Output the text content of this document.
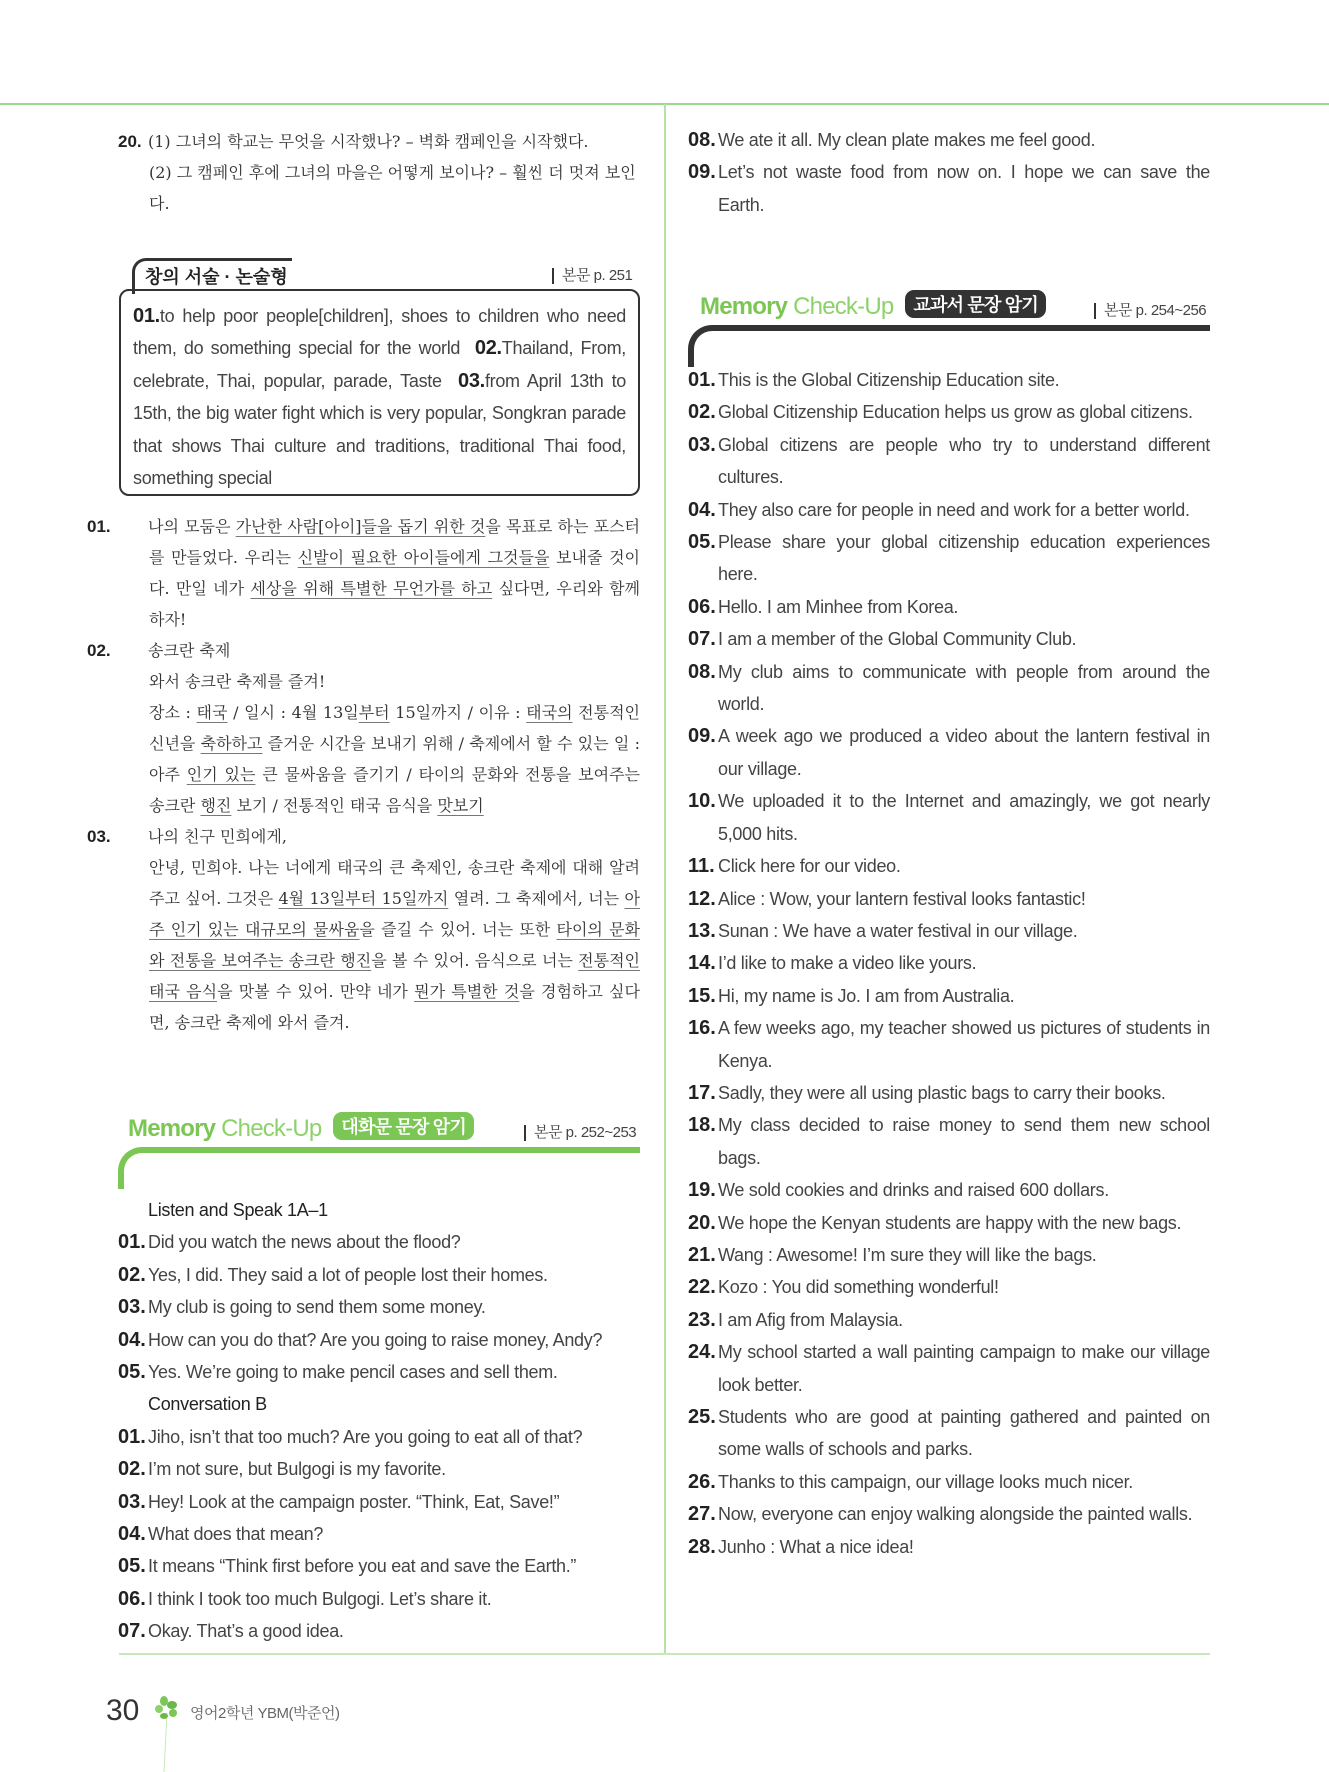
20. (1) 그녀의 학교는 무엇을 시작했나? – 벽화 캠페인을 시작했다.
(2) 그 캠페인 후에 그녀의 마을은 어떻게 보이나? – 훨씬 더 멋져 보인다.
창의 서술 · 논술형	본문 p. 251
01.to help poor people[children], shoes to children who need them, do something special for the world 02.Thailand, From, celebrate, Thai, popular, parade, Taste 03.from April 13th to 15th, the big water fight which is very popular, Songkran parade that shows Thai culture and traditions, traditional Thai food, something special
01. 나의 모둠은 가난한 사람[아이]들을 돕기 위한 것을 목표로 하는 포스터를 만들었다. 우리는 신발이 필요한 아이들에게 그것들을 보내줄 것이다. 만일 네가 세상을 위해 특별한 무언가를 하고 싶다면, 우리와 함께 하자!
02. 송크란 축제
와서 송크란 축제를 즐겨!
장소 : 태국 / 일시 : 4월 13일부터 15일까지 / 이유 : 태국의 전통적인 신년을 축하하고 즐거운 시간을 보내기 위해 / 축제에서 할 수 있는 일 : 아주 인기 있는 큰 물싸움을 즐기기 / 타이의 문화와 전통을 보여주는 송크란 행진 보기 / 전통적인 태국 음식을 맛보기
03. 나의 친구 민희에게,
안녕, 민희야. 나는 너에게 태국의 큰 축제인, 송크란 축제에 대해 알려주고 싶어. 그것은 4월 13일부터 15일까지 열려. 그 축제에서, 너는 아주 인기 있는 대규모의 물싸움을 즐길 수 있어. 너는 또한 타이의 문화와 전통을 보여주는 송크란 행진을 볼 수 있어. 음식으로 너는 전통적인 태국 음식을 맛볼 수 있어. 만약 네가 뭔가 특별한 것을 경험하고 싶다면, 송크란 축제에 와서 즐겨.
Memory Check-Up 대화문 문장 암기	본문 p. 252~253
Listen and Speak 1A–1
01. Did you watch the news about the flood?
02. Yes, I did. They said a lot of people lost their homes.
03. My club is going to send them some money.
04. How can you do that? Are you going to raise money, Andy?
05. Yes. We’re going to make pencil cases and sell them.
Conversation B
01. Jiho, isn’t that too much? Are you going to eat all of that?
02. I’m not sure, but Bulgogi is my favorite.
03. Hey! Look at the campaign poster. “Think, Eat, Save!”
04. What does that mean?
05. It means “Think first before you eat and save the Earth.”
06. I think I took too much Bulgogi. Let’s share it.
07. Okay. That’s a good idea.
08. We ate it all. My clean plate makes me feel good.
09. Let’s not waste food from now on. I hope we can save the Earth.
Memory Check-Up 교과서 문장 암기	본문 p. 254~256
01. This is the Global Citizenship Education site.
02. Global Citizenship Education helps us grow as global citizens.
03. Global citizens are people who try to understand different cultures.
04. They also care for people in need and work for a better world.
05. Please share your global citizenship education experiences here.
06. Hello. I am Minhee from Korea.
07. I am a member of the Global Community Club.
08. My club aims to communicate with people from around the world.
09. A week ago we produced a video about the lantern festival in our village.
10. We uploaded it to the Internet and amazingly, we got nearly 5,000 hits.
11. Click here for our video.
12. Alice : Wow, your lantern festival looks fantastic!
13. Sunan : We have a water festival in our village.
14. I’d like to make a video like yours.
15. Hi, my name is Jo. I am from Australia.
16. A few weeks ago, my teacher showed us pictures of students in Kenya.
17. Sadly, they were all using plastic bags to carry their books.
18. My class decided to raise money to send them new school bags.
19. We sold cookies and drinks and raised 600 dollars.
20. We hope the Kenyan students are happy with the new bags.
21. Wang : Awesome! I’m sure they will like the bags.
22. Kozo : You did something wonderful!
23. I am Afig from Malaysia.
24. My school started a wall painting campaign to make our village look better.
25. Students who are good at painting gathered and painted on some walls of schools and parks.
26. Thanks to this campaign, our village looks much nicer.
27. Now, everyone can enjoy walking alongside the painted walls.
28. Junho : What a nice idea!
30	영어2학년 YBM(박준언)
